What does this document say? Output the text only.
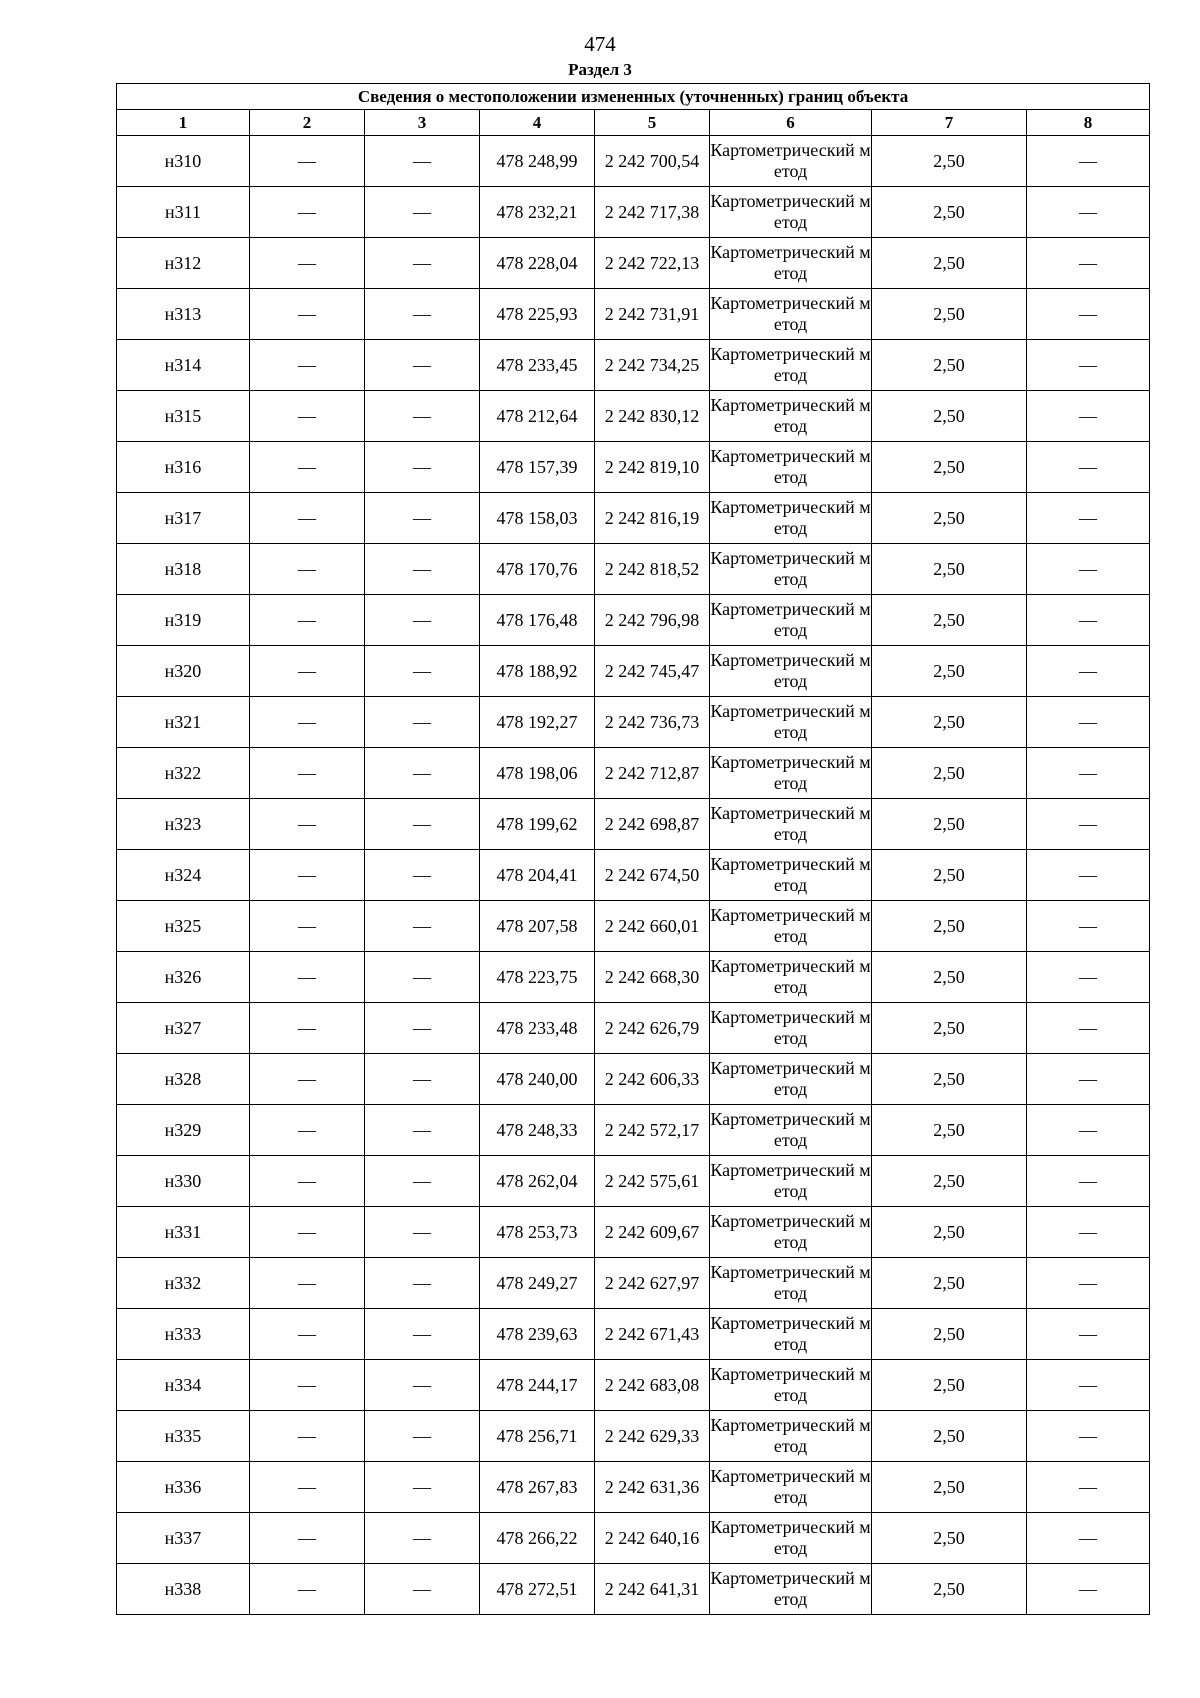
474
Раздел 3
Сведения о местоположении измененных (уточненных) границ объекта							
1	2	3	4	5	6	7	8
н310	—	—	478 248,99	2 242 700,54	Картометрический метод	2,50	—
н311	—	—	478 232,21	2 242 717,38	Картометрический метод	2,50	—
н312	—	—	478 228,04	2 242 722,13	Картометрический метод	2,50	—
н313	—	—	478 225,93	2 242 731,91	Картометрический метод	2,50	—
н314	—	—	478 233,45	2 242 734,25	Картометрический метод	2,50	—
н315	—	—	478 212,64	2 242 830,12	Картометрический метод	2,50	—
н316	—	—	478 157,39	2 242 819,10	Картометрический метод	2,50	—
н317	—	—	478 158,03	2 242 816,19	Картометрический метод	2,50	—
н318	—	—	478 170,76	2 242 818,52	Картометрический метод	2,50	—
н319	—	—	478 176,48	2 242 796,98	Картометрический метод	2,50	—
н320	—	—	478 188,92	2 242 745,47	Картометрический метод	2,50	—
н321	—	—	478 192,27	2 242 736,73	Картометрический метод	2,50	—
н322	—	—	478 198,06	2 242 712,87	Картометрический метод	2,50	—
н323	—	—	478 199,62	2 242 698,87	Картометрический метод	2,50	—
н324	—	—	478 204,41	2 242 674,50	Картометрический метод	2,50	—
н325	—	—	478 207,58	2 242 660,01	Картометрический метод	2,50	—
н326	—	—	478 223,75	2 242 668,30	Картометрический метод	2,50	—
н327	—	—	478 233,48	2 242 626,79	Картометрический метод	2,50	—
н328	—	—	478 240,00	2 242 606,33	Картометрический метод	2,50	—
н329	—	—	478 248,33	2 242 572,17	Картометрический метод	2,50	—
н330	—	—	478 262,04	2 242 575,61	Картометрический метод	2,50	—
н331	—	—	478 253,73	2 242 609,67	Картометрический метод	2,50	—
н332	—	—	478 249,27	2 242 627,97	Картометрический метод	2,50	—
н333	—	—	478 239,63	2 242 671,43	Картометрический метод	2,50	—
н334	—	—	478 244,17	2 242 683,08	Картометрический метод	2,50	—
н335	—	—	478 256,71	2 242 629,33	Картометрический метод	2,50	—
н336	—	—	478 267,83	2 242 631,36	Картометрический метод	2,50	—
н337	—	—	478 266,22	2 242 640,16	Картометрический метод	2,50	—
н338	—	—	478 272,51	2 242 641,31	Картометрический метод	2,50	—
